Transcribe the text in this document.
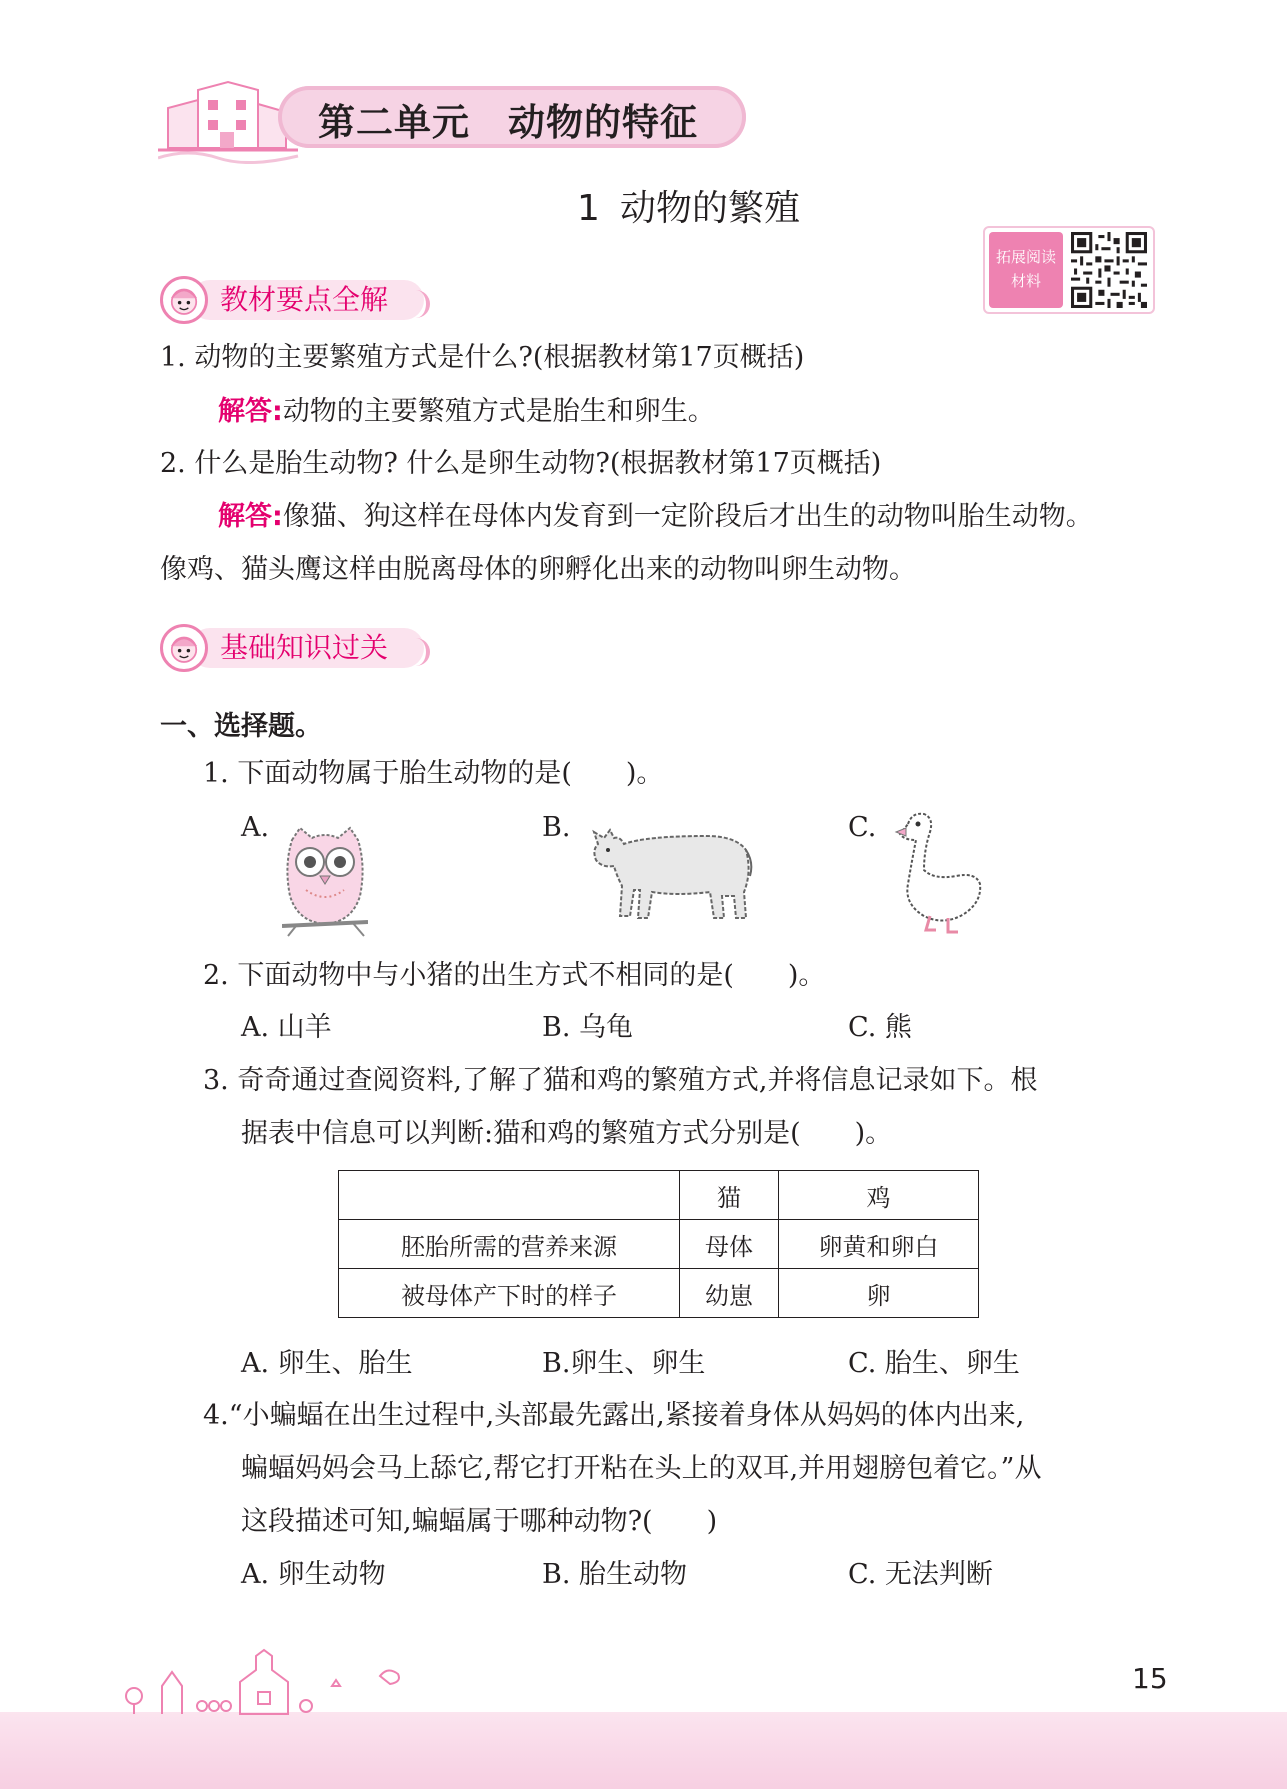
第二单元 动物的特征
1 动物的繁殖
拓展阅读
材料
教材要点全解
1. 动物的主要繁殖方式是什么?(根据教材第17页概括)
解答:动物的主要繁殖方式是胎生和卵生。
2. 什么是胎生动物? 什么是卵生动物?(根据教材第17页概括)
解答:像猫、狗这样在母体内发育到一定阶段后才出生的动物叫胎生动物。
像鸡、猫头鹰这样由脱离母体的卵孵化出来的动物叫卵生动物。
基础知识过关
一、选择题。
1. 下面动物属于胎生动物的是(　　)。
A.	B.	C.
2. 下面动物中与小猪的出生方式不相同的是(　　)。
A. 山羊	B. 乌龟	C. 熊
3. 奇奇通过查阅资料,了解了猫和鸡的繁殖方式,并将信息记录如下。根
据表中信息可以判断:猫和鸡的繁殖方式分别是(　　)。
	猫	鸡
胚胎所需的营养来源	母体	卵黄和卵白
被母体产下时的样子	幼崽	卵
A. 卵生、胎生	B.卵生、卵生	C. 胎生、卵生
4.“小蝙蝠在出生过程中,头部最先露出,紧接着身体从妈妈的体内出来,
蝙蝠妈妈会马上舔它,帮它打开粘在头上的双耳,并用翅膀包着它。”从
这段描述可知,蝙蝠属于哪种动物?(　　)
A. 卵生动物	B. 胎生动物	C. 无法判断
15
